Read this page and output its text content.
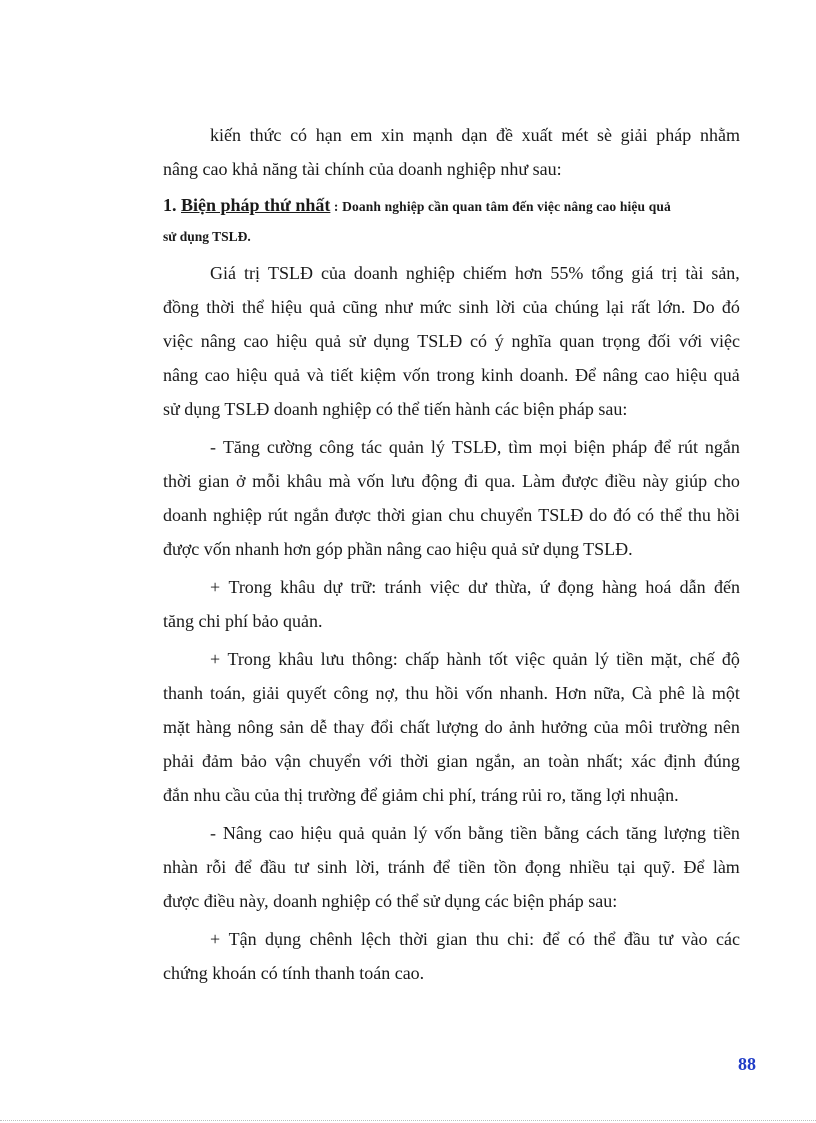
kiến thức có hạn em xin mạnh dạn đề xuất mét sè giải pháp nhằm
nâng cao khả năng tài chính của doanh nghiệp như sau:
1. Biện pháp thứ nhất : Doanh nghiệp cần quan tâm đến việc nâng cao hiệu quả
sử dụng TSLĐ.
Giá trị TSLĐ của doanh nghiệp chiếm hơn 55% tổng giá trị tài sản,
đồng thời thể hiệu quả cũng như mức sinh lời của chúng lại rất lớn. Do đó
việc nâng cao hiệu quả sử dụng TSLĐ có ý nghĩa quan trọng đối với việc
nâng cao hiệu quả và tiết kiệm vốn trong kinh doanh. Để nâng cao hiệu quả
sử dụng TSLĐ doanh nghiệp có thể tiến hành các biện pháp sau:
- Tăng cường công tác quản lý TSLĐ, tìm mọi biện pháp để rút ngắn
thời gian ở mỗi khâu mà vốn lưu động đi qua. Làm được điều này giúp cho
doanh nghiệp rút ngắn được thời gian chu chuyển TSLĐ do đó có thể thu hồi
được vốn nhanh hơn góp phần nâng cao hiệu quả sử dụng TSLĐ.
+ Trong khâu dự trữ: tránh việc dư thừa, ứ đọng hàng hoá dẫn đến
tăng chi phí bảo quản.
+ Trong khâu lưu thông: chấp hành tốt việc quản lý tiền mặt, chế độ
thanh toán, giải quyết công nợ, thu hồi vốn nhanh. Hơn nữa, Cà phê là một
mặt hàng nông sản dễ thay đổi chất lượng do ảnh hưởng của môi trường nên
phải đảm bảo vận chuyển với thời gian ngắn, an toàn nhất; xác định đúng
đắn nhu cầu của thị trường để giảm chi phí, tráng rủi ro, tăng lợi nhuận.
- Nâng cao hiệu quả quản lý vốn bằng tiền bằng cách tăng lượng tiền
nhàn rỗi để đầu tư sinh lời, tránh để tiền tồn đọng nhiều tại quỹ. Để làm
được điều này, doanh nghiệp có thể sử dụng các biện pháp sau:
+ Tận dụng chênh lệch thời gian thu chi: để có thể đầu tư vào các
chứng khoán có tính thanh toán cao.
88
